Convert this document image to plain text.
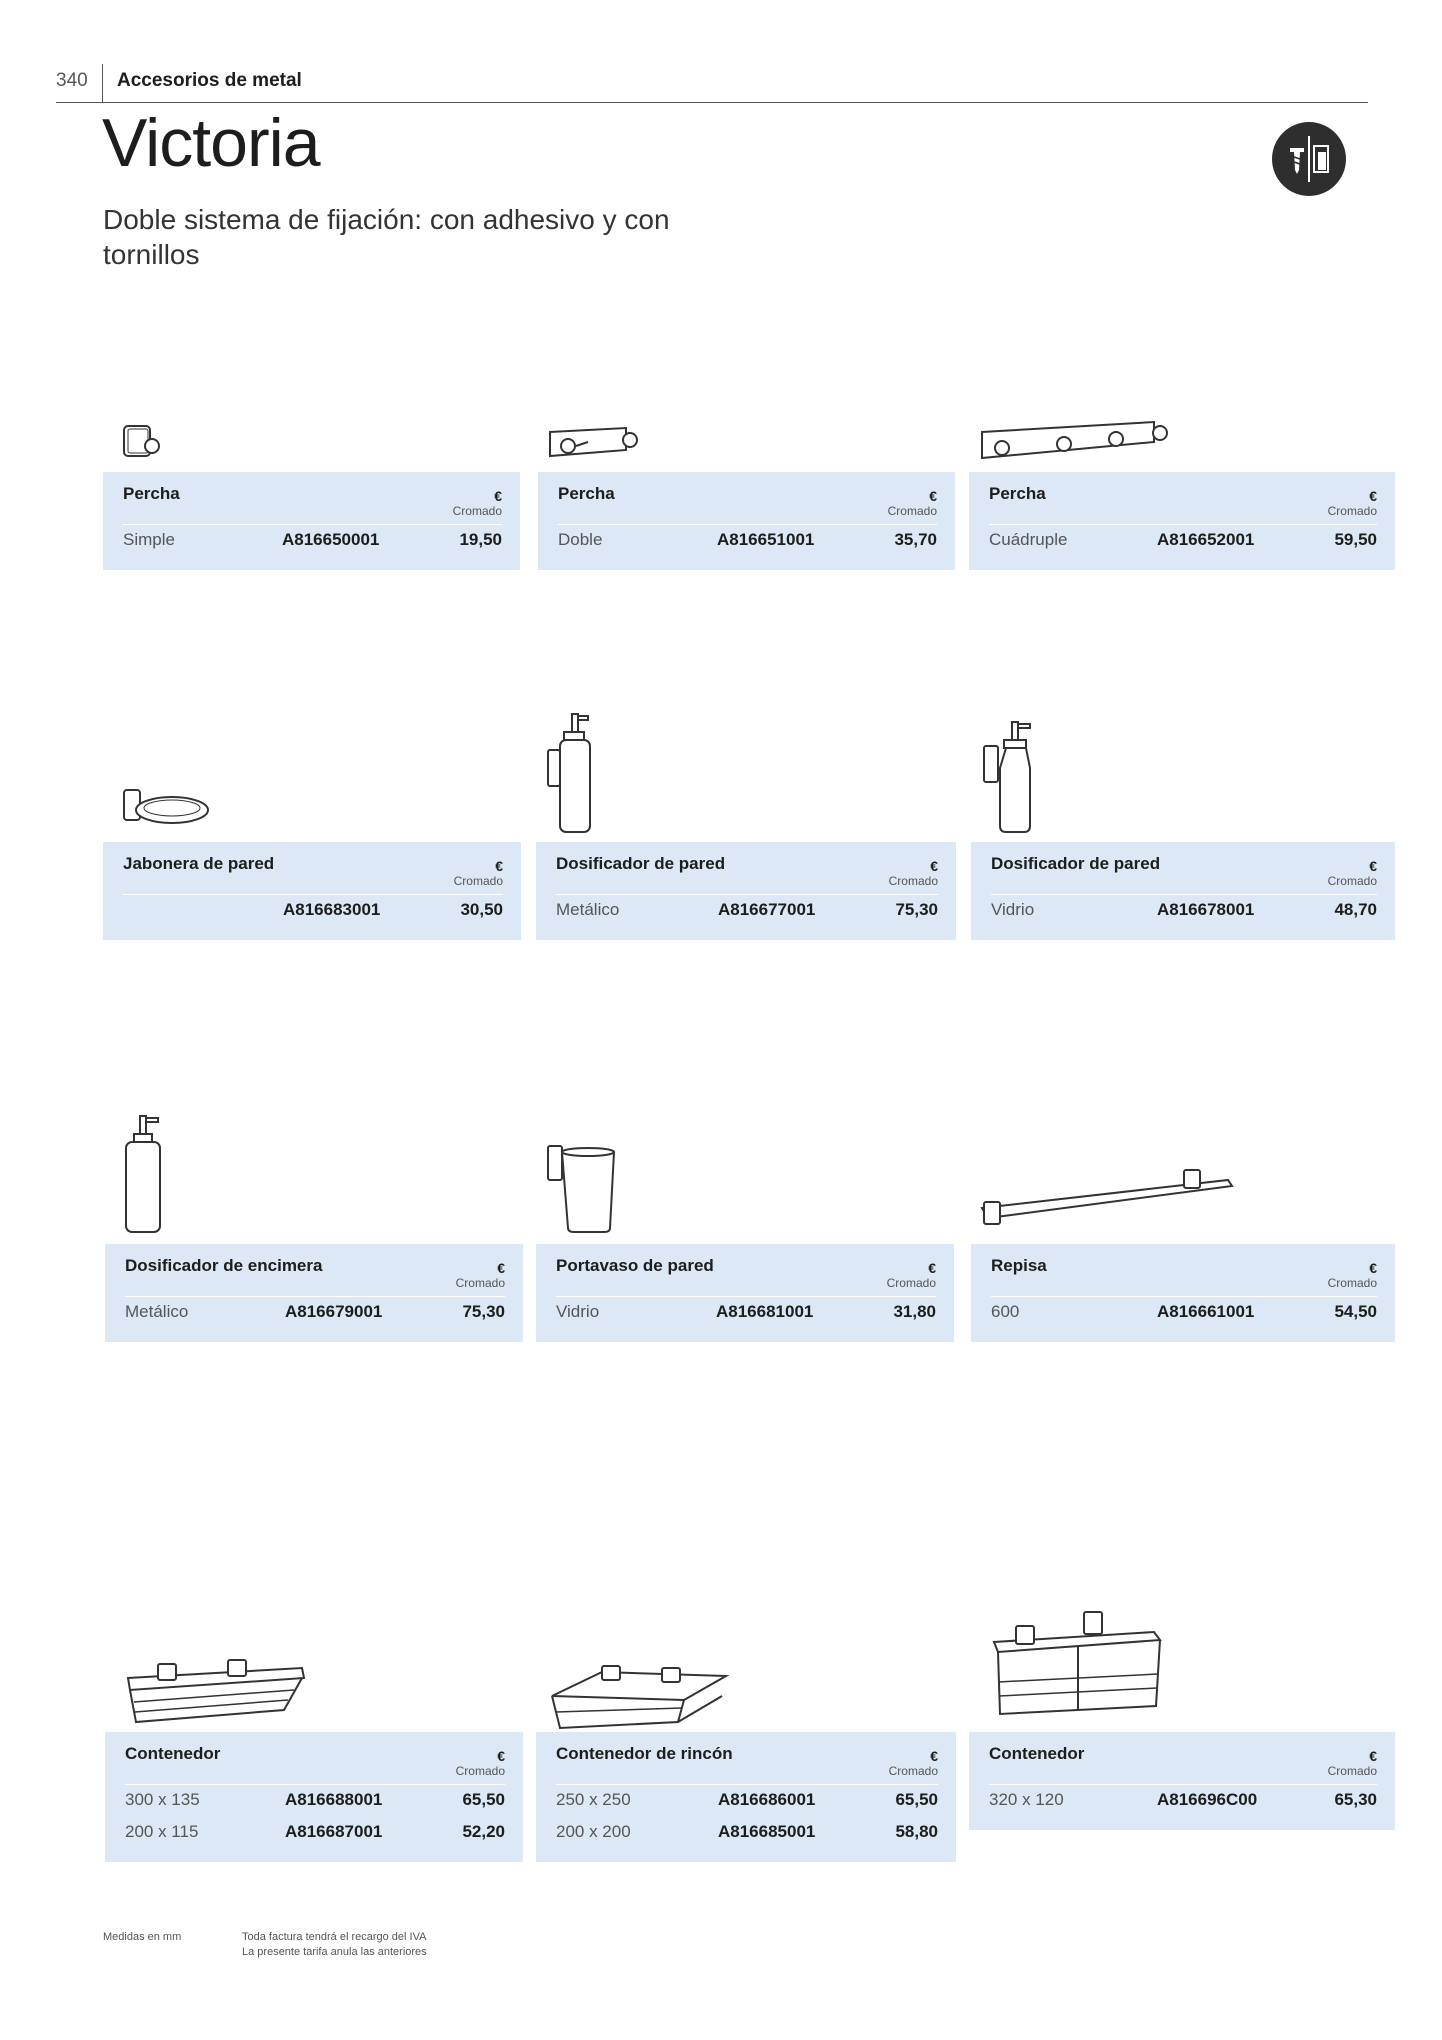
340 Accesorios de metal
Victoria
Doble sistema de fijación: con adhesivo y con tornillos
Percha	€
Cromado
Simple	A816650001	19,50
Percha	€
Cromado
Doble	A816651001	35,70
Percha	€
Cromado
Cuádruple	A816652001	59,50
Jabonera de pared	€
Cromado
A816683001	30,50
Dosificador de pared	€
Cromado
Metálico	A816677001	75,30
Dosificador de pared	€
Cromado
Vidrio	A816678001	48,70
Dosificador de encimera	€
Cromado
Metálico	A816679001	75,30
Portavaso de pared	€
Cromado
Vidrio	A816681001	31,80
Repisa	€
Cromado
600	A816661001	54,50
Contenedor	€
Cromado
300 x 135	A816688001	65,50
200 x 115	A816687001	52,20
Contenedor de rincón	€
Cromado
250 x 250	A816686001	65,50
200 x 200	A816685001	58,80
Contenedor	€
Cromado
320 x 120	A816696C00	65,30
Medidas en mm	Toda factura tendrá el recargo del IVA
La presente tarifa anula las anteriores
